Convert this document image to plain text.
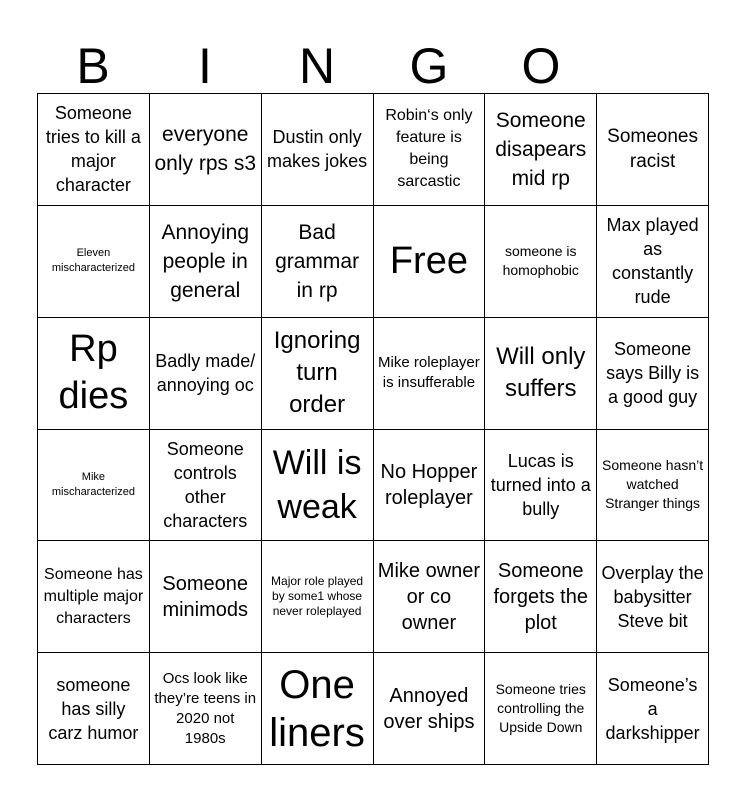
B	I	N	G	O
Someone tries to kill a major character
everyone only rps s3
Dustin only makes jokes
Robin‘s only feature is being sarcastic
Someone disapears mid rp
Someones racist
Eleven mischaracterized
Annoying people in general
Bad grammar in rp
Free	someone is homophobic
Max played as constantly rude
Rp dies
Badly made/ annoying oc
Ignoring turn order
Mike roleplayer is insufferable
Will only suffers
Someone says Billy is a good guy
Mike mischaracterized
Someone controls other characters
Will is weak
No Hopper roleplayer
Lucas is turned into a bully
Someone hasn’t watched Stranger things
Someone has multiple major characters
Someone minimods
Major role played by some1 whose never roleplayed
Mike owner or co owner
Someone forgets the plot
Overplay the babysitter Steve bit
someone has silly carz humor
Ocs look like they’re teens in 2020 not 1980s
One liners
Annoyed over ships
Someone tries controlling the Upside Down
Someone’s a darkshipper
